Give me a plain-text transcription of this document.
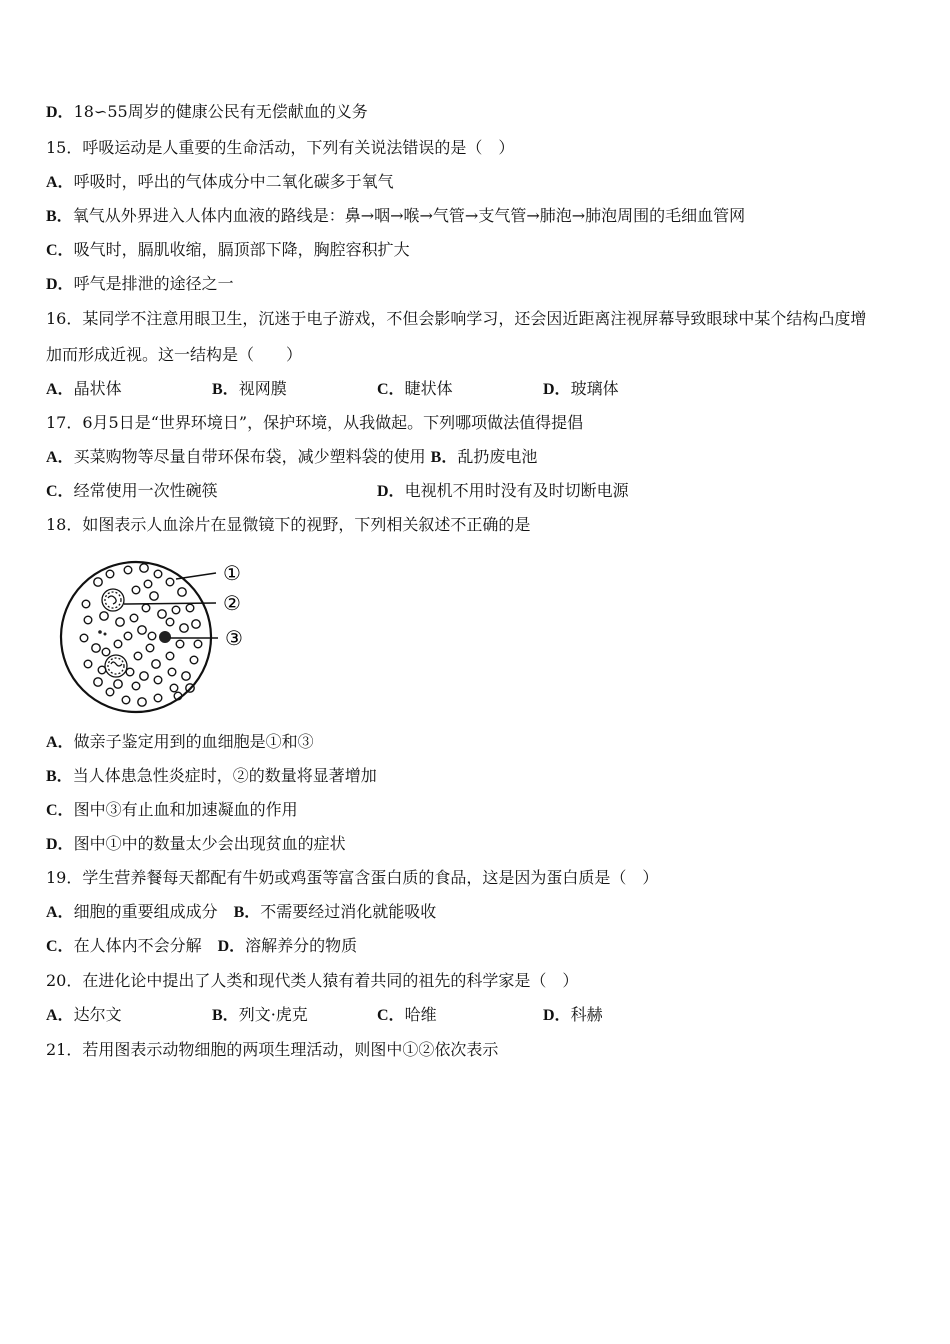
D．18∽55周岁的健康公民有无偿献血的义务
15．呼吸运动是人重要的生命活动，下列有关说法错误的是（　）
A．呼吸时，呼出的气体成分中二氧化碳多于氧气
B．氧气从外界进入人体内血液的路线是：鼻→咽→喉→气管→支气管→肺泡→肺泡周围的毛细血管网
C．吸气时，膈肌收缩，膈顶部下降，胸腔容积扩大
D．呼气是排泄的途径之一
16．某同学不注意用眼卫生，沉迷于电子游戏，不但会影响学习，还会因近距离注视屏幕导致眼球中某个结构凸度增
加而形成近视。这一结构是（　　）
A．晶状体	B．视网膜	C．睫状体	D．玻璃体
17．6月5日是“世界环境日”，保护环境，从我做起。下列哪项做法值得提倡
A．买菜购物等尽量自带环保布袋，减少塑料袋的使用 B．乱扔废电池
C．经常使用一次性碗筷	D．电视机不用时没有及时切断电源
18．如图表示人血涂片在显微镜下的视野，下列相关叙述不正确的是
①
②
③
A．做亲子鉴定用到的血细胞是①和③
B．当人体患急性炎症时，②的数量将显著增加
C．图中③有止血和加速凝血的作用
D．图中①中的数量太少会出现贫血的症状
19．学生营养餐每天都配有牛奶或鸡蛋等富含蛋白质的食品，这是因为蛋白质是（　）
A．细胞的重要组成成分　 B．不需要经过消化就能吸收
C．在人体内不会分解　 D．溶解养分的物质
20．在进化论中提出了人类和现代类人猿有着共同的祖先的科学家是（　）
A．达尔文	B．列文·虎克	C．哈维	D．科赫
21．若用图表示动物细胞的两项生理活动，则图中①②依次表示
